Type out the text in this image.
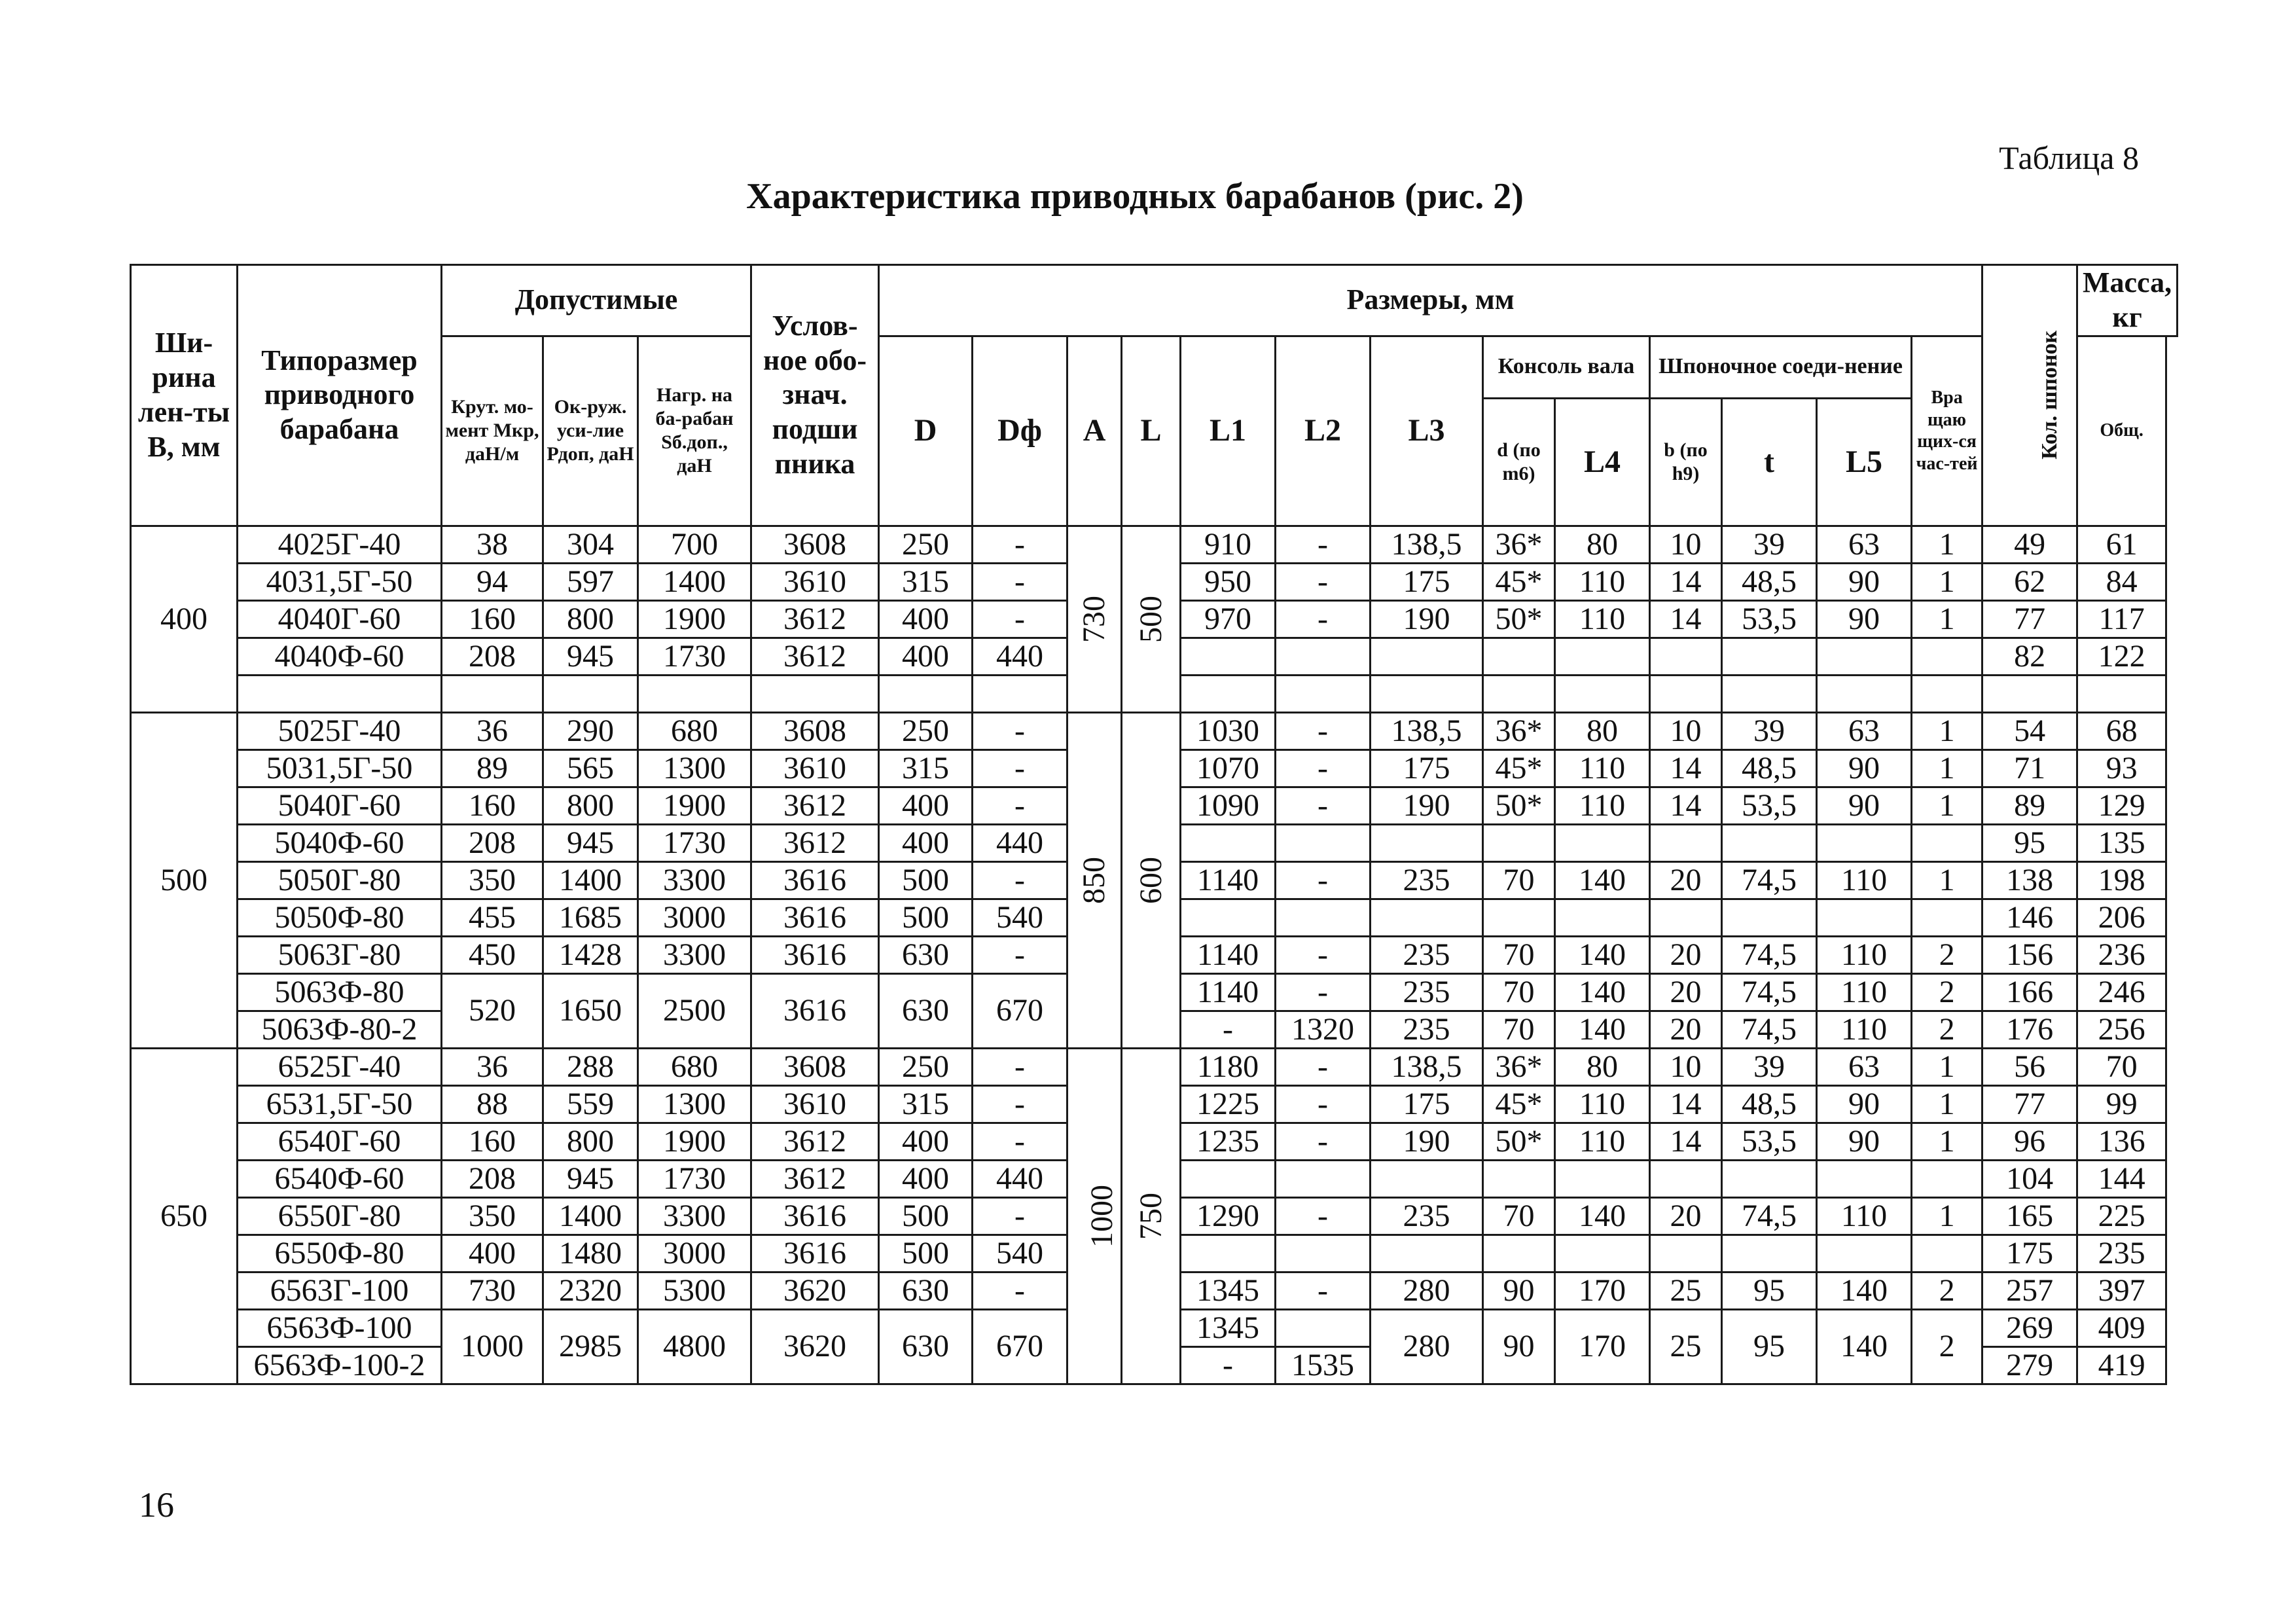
Таблица 8
Характеристика приводных барабанов (рис. 2)
Ши-рина лен-ты В, мм	Типоразмер приводного барабана	Допустимые			Услов-ное обо-знач. подши пника	Размеры, мм													Кол. шпонок	Масса, кг
		Крут. мо-мент Мкр, даН/м	Ок-руж. уси-лие Рдоп, даН	Нагр. на ба-рабан Sб.доп., даН		D	Dф	A	L	L1	L2	L3	Консоль вала		Шпоночное соеди-нение			Вра щаю щих-ся час-тей		Общ.
													d (по m6)	L4	b (по h9)	t	L5			
400	4025Г-40	38	304	700	3608	250	-	730	500	910	-	138,5	36*	80	10	39	63	1	49	61
	4031,5Г-50	94	597	1400	3610	315	-			950	-	175	45*	110	14	48,5	90	1	62	84
	4040Г-60	160	800	1900	3612	400	-			970	-	190	50*	110	14	53,5	90	1	77	117
	4040Ф-60	208	945	1730	3612	400	440												82	122

500	5025Г-40	36	290	680	3608	250	-	850	600	1030	-	138,5	36*	80	10	39	63	1	54	68
	5031,5Г-50	89	565	1300	3610	315	-			1070	-	175	45*	110	14	48,5	90	1	71	93
	5040Г-60	160	800	1900	3612	400	-			1090	-	190	50*	110	14	53,5	90	1	89	129
	5040Ф-60	208	945	1730	3612	400	440												95	135
	5050Г-80	350	1400	3300	3616	500	-			1140	-	235	70	140	20	74,5	110	1	138	198
	5050Ф-80	455	1685	3000	3616	500	540												146	206
	5063Г-80	450	1428	3300	3616	630	-			1140	-	235	70	140	20	74,5	110	2	156	236
	5063Ф-80	520	1650	2500	3616	630	670			1140	-	235	70	140	20	74,5	110	2	166	246
	5063Ф-80-2									-	1320	235	70	140	20	74,5	110	2	176	256
650	6525Г-40	36	288	680	3608	250	-	1000	750	1180	-	138,5	36*	80	10	39	63	1	56	70
	6531,5Г-50	88	559	1300	3610	315	-			1225	-	175	45*	110	14	48,5	90	1	77	99
	6540Г-60	160	800	1900	3612	400	-			1235	-	190	50*	110	14	53,5	90	1	96	136
	6540Ф-60	208	945	1730	3612	400	440												104	144
	6550Г-80	350	1400	3300	3616	500	-			1290	-	235	70	140	20	74,5	110	1	165	225
	6550Ф-80	400	1480	3000	3616	500	540												175	235
	6563Г-100	730	2320	5300	3620	630	-			1345	-	280	90	170	25	95	140	2	257	397
	6563Ф-100	1000	2985	4800	3620	630	670			1345		280	90	170	25	95	140	2	269	409
	6563Ф-100-2									-	1535								279	419
16
